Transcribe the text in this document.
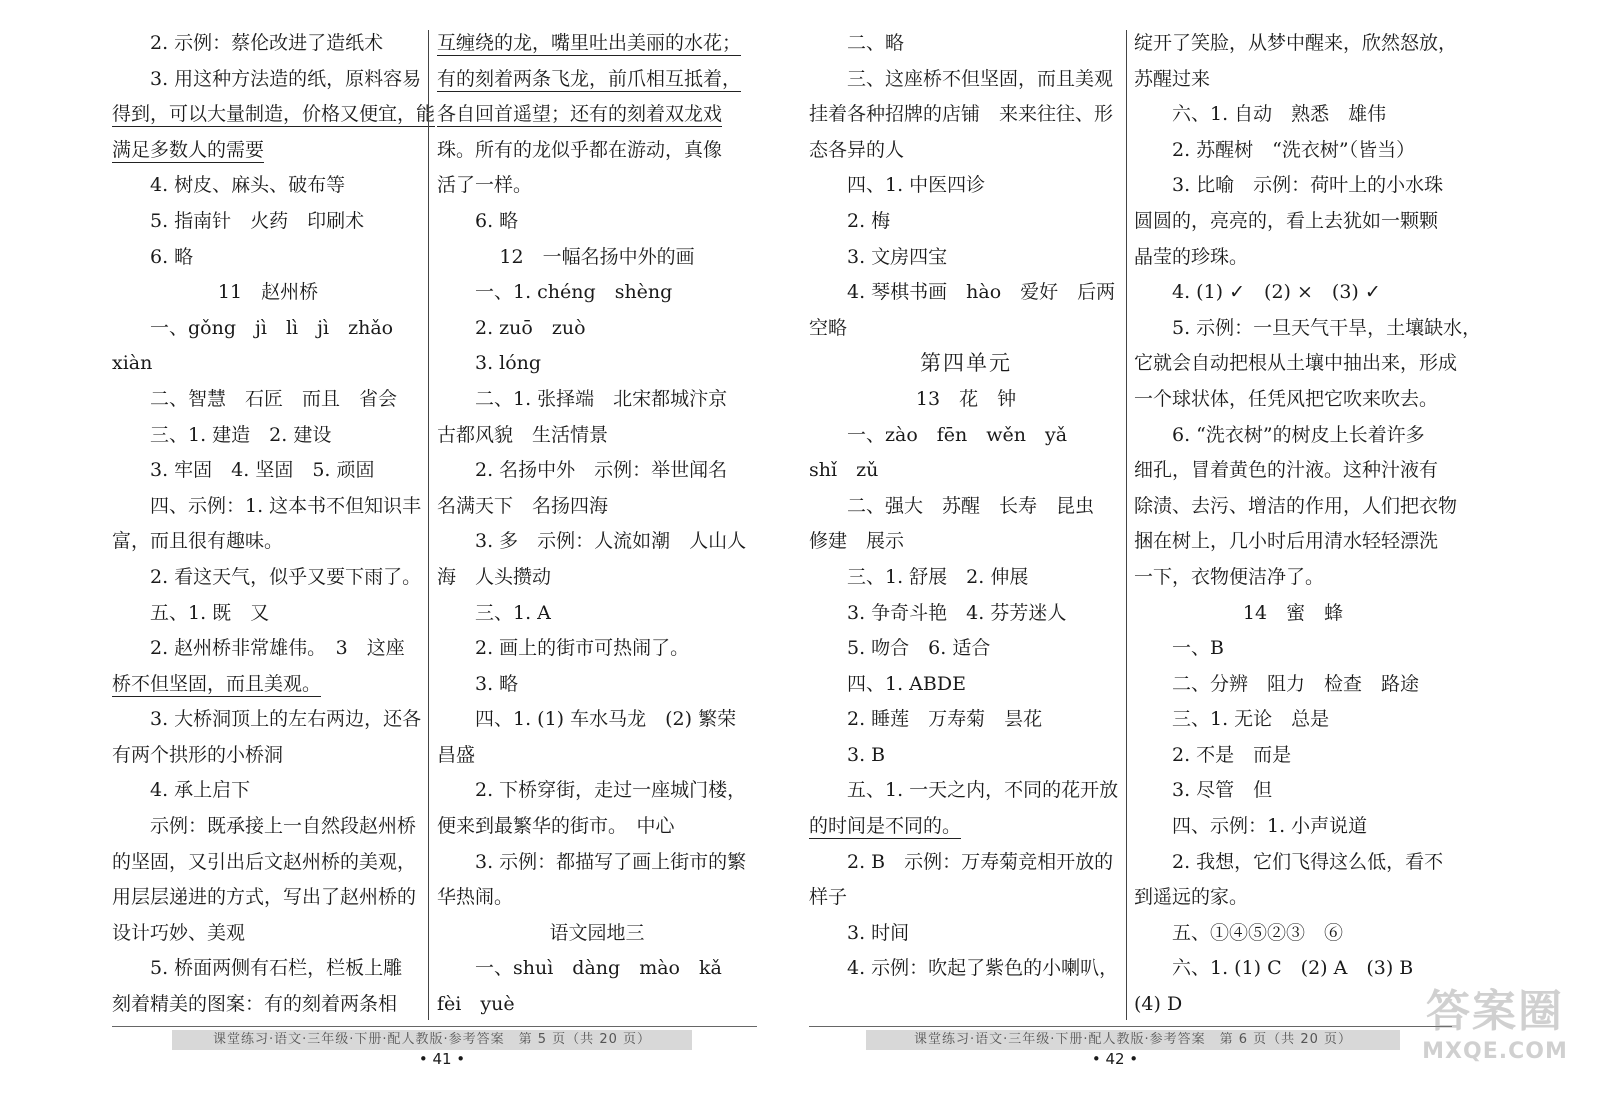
2. 示例：蔡伦改进了造纸术
3. 用这种方法造的纸，原料容易
得到，可以大量制造，价格又便宜，能
满足多数人的需要
4. 树皮、麻头、破布等
5. 指南针　火药　印刷术
6. 略
11　赵州桥
一、gǒng　jì　lì　jì　zhǎo
xiàn
二、智慧　石匠　而且　省会
三、1. 建造　2. 建设
3. 牢固　4. 坚固　5. 顽固
四、示例：1. 这本书不但知识丰
富，而且很有趣味。
2. 看这天气，似乎又要下雨了。
五、1. 既　又
2. 赵州桥非常雄伟。　3　这座
桥不但坚固，而且美观。
3. 大桥洞顶上的左右两边，还各
有两个拱形的小桥洞
4. 承上启下
示例：既承接上一自然段赵州桥
的坚固，又引出后文赵州桥的美观，
用层层递进的方式，写出了赵州桥的
设计巧妙、美观
5. 桥面两侧有石栏，栏板上雕
刻着精美的图案：有的刻着两条相
互缠绕的龙，嘴里吐出美丽的水花；
有的刻着两条飞龙，前爪相互抵着，
各自回首遥望；还有的刻着双龙戏
珠。所有的龙似乎都在游动，真像
活了一样。
6. 略
12　一幅名扬中外的画
一、1. chéng　shèng
2. zuō　zuò
3. lóng
二、1. 张择端　北宋都城汴京
古都风貌　生活情景
2. 名扬中外　示例：举世闻名
名满天下　名扬四海
3. 多　示例：人流如潮　人山人
海　人头攒动
三、1. A
2. 画上的街市可热闹了。
3. 略
四、1. (1) 车水马龙　(2) 繁荣
昌盛
2. 下桥穿街，走过一座城门楼，
便来到最繁华的街市。　中心
3. 示例：都描写了画上街市的繁
华热闹。
语文园地三
一、shuì　dàng　mào　kǎ
fèi　yuè
二、略
三、这座桥不但坚固，而且美观
挂着各种招牌的店铺　来来往往、形
态各异的人
四、1. 中医四诊
2. 梅
3. 文房四宝
4. 琴棋书画　hào　爱好　后两
空略
第四单元
13　花　钟
一、zào　fēn　wěn　yǎ
shǐ　zǔ
二、强大　苏醒　长寿　昆虫
修建　展示
三、1. 舒展　2. 伸展
3. 争奇斗艳　4. 芬芳迷人
5. 吻合　6. 适合
四、1. ABDE
2. 睡莲　万寿菊　昙花
3. B
五、1. 一天之内，不同的花开放
的时间是不同的。
2. B　示例：万寿菊竞相开放的
样子
3. 时间
4. 示例：吹起了紫色的小喇叭，
绽开了笑脸，从梦中醒来，欣然怒放，
苏醒过来
六、1. 自动　熟悉　雄伟
2. 苏醒树　“洗衣树”（皆当）
3. 比喻　示例：荷叶上的小水珠
圆圆的，亮亮的，看上去犹如一颗颗
晶莹的珍珠。
4. (1) ✓　(2) ×　(3) ✓
5. 示例：一旦天气干旱，土壤缺水，
它就会自动把根从土壤中抽出来，形成
一个球状体，任凭风把它吹来吹去。
6. “洗衣树”的树皮上长着许多
细孔，冒着黄色的汁液。这种汁液有
除渍、去污、增洁的作用，人们把衣物
捆在树上，几小时后用清水轻轻漂洗
一下，衣物便洁净了。
14　蜜　蜂
一、B
二、分辨　阻力　检查　路途
三、1. 无论　总是
2. 不是　而是
3. 尽管　但
四、示例：1. 小声说道
2. 我想，它们飞得这么低，看不
到遥远的家。
五、①④⑤②③　⑥
六、1. (1) C　(2) A　(3) B
(4) D
课堂练习·语文·三年级·下册·配人教版·参考答案　第 5 页（共 20 页）	课堂练习·语文·三年级·下册·配人教版·参考答案　第 6 页（共 20 页）
• 41 •	• 42 •
答案圈
MXQE.COM
